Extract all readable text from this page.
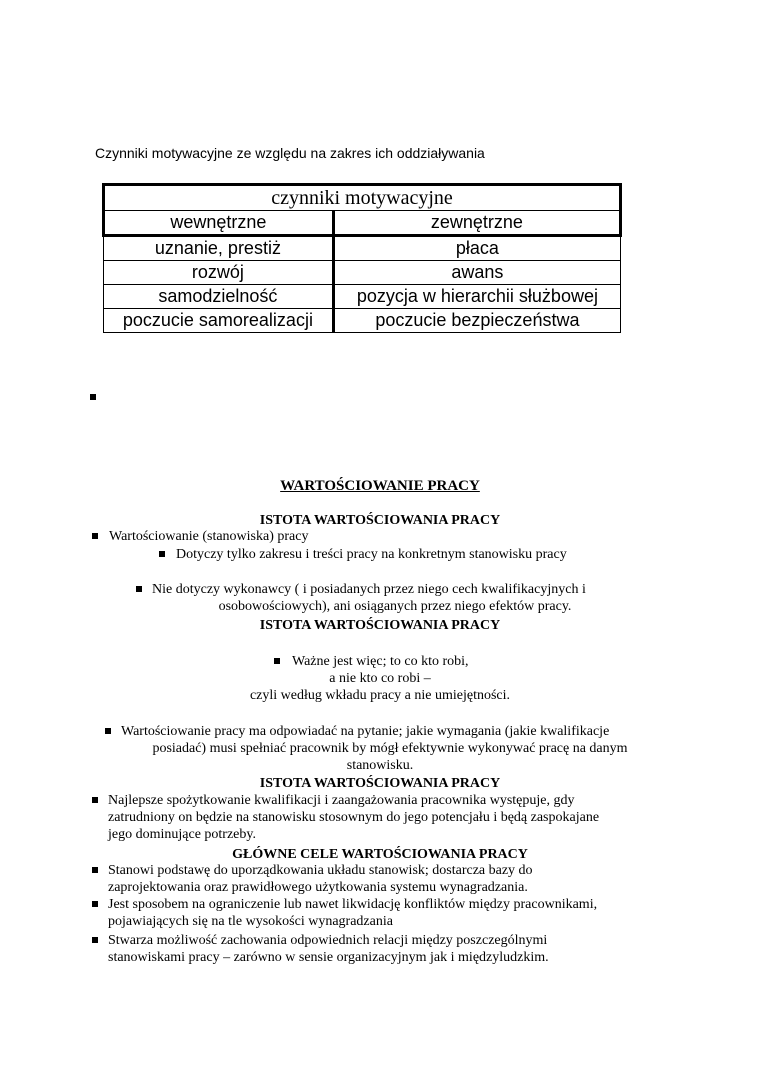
Czynniki motywacyjne ze względu na zakres ich oddziaływania
czynniki motywacyjne	
wewnętrzne	zewnętrzne
uznanie, prestiż	płaca
rozwój	awans
samodzielność	pozycja w hierarchii służbowej
poczucie samorealizacji	poczucie bezpieczeństwa
WARTOŚCIOWANIE PRACY
ISTOTA WARTOŚCIOWANIA PRACY
Wartościowanie (stanowiska) pracy
Dotyczy tylko zakresu i treści pracy na konkretnym stanowisku pracy
Nie dotyczy wykonawcy ( i posiadanych przez niego cech kwalifikacyjnych i
osobowościowych), ani osiąganych przez niego efektów pracy.
ISTOTA WARTOŚCIOWANIA PRACY
Ważne jest więc; to co kto robi,
a nie kto co robi –
czyli według wkładu pracy a nie umiejętności.
Wartościowanie pracy ma odpowiadać na pytanie; jakie wymagania (jakie kwalifikacje
posiadać) musi spełniać pracownik by mógł efektywnie wykonywać pracę na danym
stanowisku.
ISTOTA WARTOŚCIOWANIA PRACY
Najlepsze spożytkowanie kwalifikacji i zaangażowania pracownika występuje, gdy
zatrudniony on będzie na stanowisku stosownym do jego potencjału i będą zaspokajane
jego dominujące potrzeby.
GŁÓWNE CELE WARTOŚCIOWANIA PRACY
Stanowi podstawę do uporządkowania układu stanowisk; dostarcza bazy do
zaprojektowania oraz prawidłowego użytkowania systemu wynagradzania.
Jest sposobem na ograniczenie lub nawet likwidację konfliktów między pracownikami,
pojawiających się na tle wysokości wynagradzania
Stwarza możliwość zachowania odpowiednich relacji między poszczególnymi
stanowiskami pracy – zarówno w sensie organizacyjnym jak i międzyludzkim.
